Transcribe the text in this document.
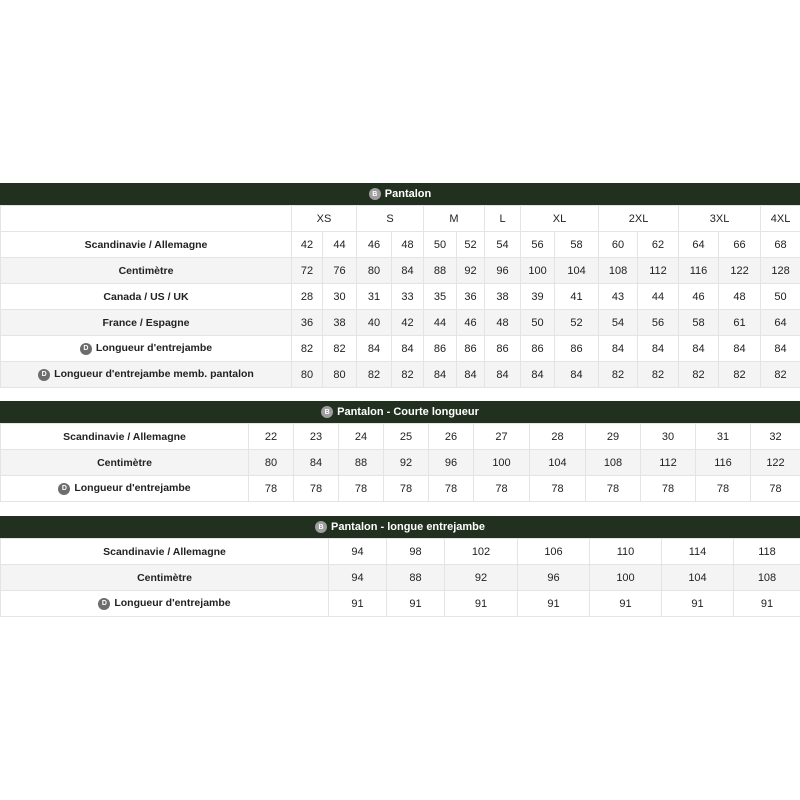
B Pantalon
	XS		S		M		L	XL		2XL		3XL		4XL	
Scandinavie / Allemagne	42	44	46	48	50	52	54	56	58	60	62	64	66	68	
Centimètre	72	76	80	84	88	92	96	100	104	108	112	116	122	128	
Canada / US / UK	28	30	31	33	35	36	38	39	41	43	44	46	48	50	
France / Espagne	36	38	40	42	44	46	48	50	52	54	56	58	61	64	
D Longueur d'entrejambe	82	82	84	84	86	86	86	86	86	84	84	84	84	84	
D Longueur d'entrejambe memb. pantalon	80	80	82	82	84	84	84	84	84	82	82	82	82	82	
B Pantalon - Courte longueur
Scandinavie / Allemagne	22	23	24	25	26	27	28	29	30	31	32
Centimètre	80	84	88	92	96	100	104	108	112	116	122
D Longueur d'entrejambe	78	78	78	78	78	78	78	78	78	78	78
B Pantalon - longue entrejambe
Scandinavie / Allemagne	94	98	102	106	110	114	118
Centimètre	94	88	92	96	100	104	108
D Longueur d'entrejambe	91	91	91	91	91	91	91
